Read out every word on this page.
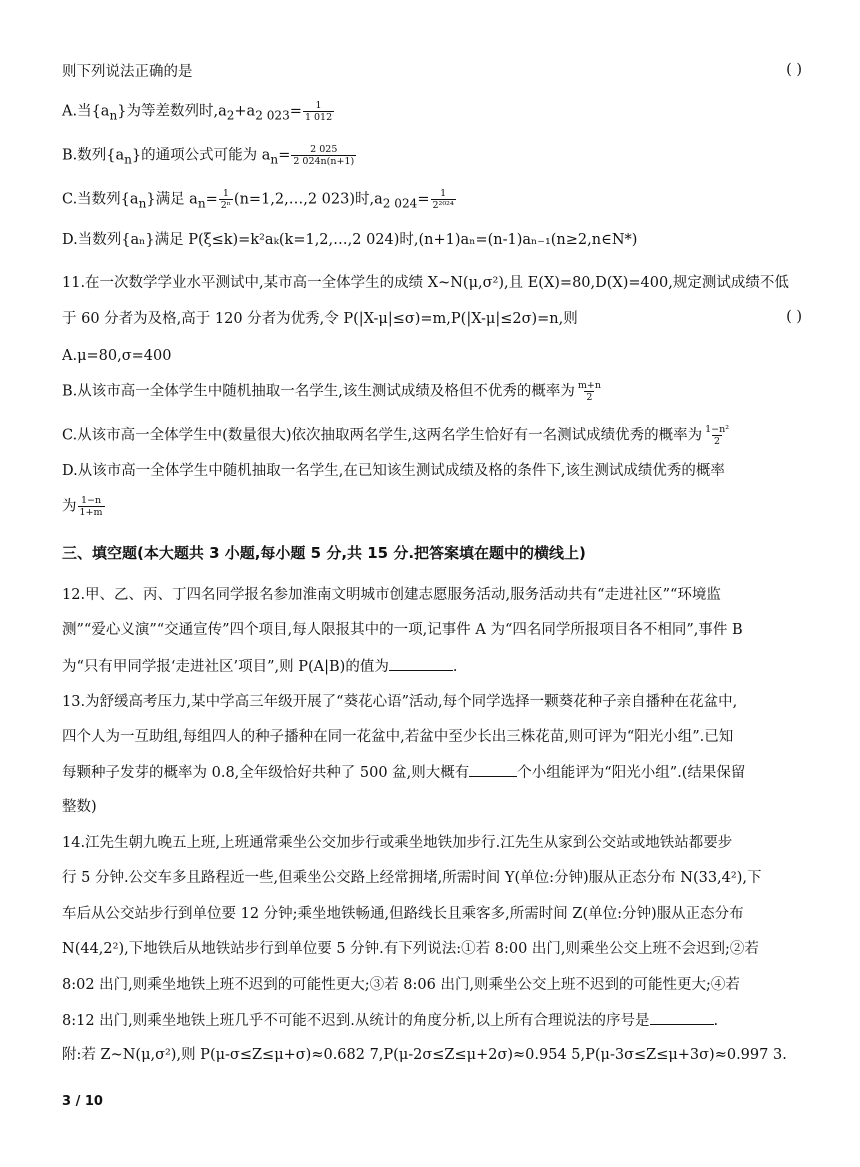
则下列说法正确的是	( )
A.当$\{a_n\}$为等差数列时$,a_2+a_{2 023}= \frac{1}{1 012}$
B.数列$\{a_n\}$的通项公式可能为 $a_n= \frac{2 025}{2 024n(n+1)}$
C.当数列$\{a_n\}$满足 $a_n= \frac{1}{\text{2ⁿ}}$ (n=1,2,…,2 023)时$,a_{2 024}= \frac{1}{\text{2²⁰²⁴}}$
D.当数列{aₙ}满足 P(ξ≤k)=k²aₖ(k=1,2,…,2 024)时,(n+1)aₙ=(n-1)aₙ₋₁(n≥2,n∈N*)
11.在一次数学学业水平测试中,某市高一全体学生的成绩 X~N(μ,σ²),且 E(X)=80,D(X)=400,规定测试成绩不低
于 60 分者为及格,高于 120 分者为优秀,令 P(|X-μ|≤σ)=m,P(|X-μ|≤2σ)=n,则	( )
A.μ=80,σ=400
B.从该市高一全体学生中随机抽取一名学生,该生测试成绩及格但不优秀的概率为 $\frac{m+n}{2}$
C.从该市高一全体学生中(数量很大)依次抽取两名学生,这两名学生恰好有一名测试成绩优秀的概率为 $\frac{\text{1−n²}}{2}$
D.从该市高一全体学生中随机抽取一名学生,在已知该生测试成绩及格的条件下,该生测试成绩优秀的概率
为 $\frac{1-n}{1+m}$
三、填空题(本大题共 3 小题,每小题 5 分,共 15 分.把答案填在题中的横线上)
12.甲、乙、丙、丁四名同学报名参加淮南文明城市创建志愿服务活动,服务活动共有“走进社区”“环境监
测”“爱心义演”“交通宣传”四个项目,每人限报其中的一项,记事件 A 为“四名同学所报项目各不相同”,事件 B
为“只有甲同学报‘走进社区’项目”,则 P(A|B)的值为	.
13.为舒缓高考压力,某中学高三年级开展了“葵花心语”活动,每个同学选择一颗葵花种子亲自播种在花盆中,
四个人为一互助组,每组四人的种子播种在同一花盆中,若盆中至少长出三株花苗,则可评为“阳光小组”.已知
每颗种子发芽的概率为 0.8,全年级恰好共种了 500 盆,则大概有	个小组能评为“阳光小组”.(结果保留
整数)
14.江先生朝九晚五上班,上班通常乘坐公交加步行或乘坐地铁加步行.江先生从家到公交站或地铁站都要步
行 5 分钟.公交车多且路程近一些,但乘坐公交路上经常拥堵,所需时间 Y(单位:分钟)服从正态分布 N(33,4²),下
车后从公交站步行到单位要 12 分钟;乘坐地铁畅通,但路线长且乘客多,所需时间 Z(单位:分钟)服从正态分布
N(44,2²),下地铁后从地铁站步行到单位要 5 分钟.有下列说法:①若 8:00 出门,则乘坐公交上班不会迟到;②若
8:02 出门,则乘坐地铁上班不迟到的可能性更大;③若 8:06 出门,则乘坐公交上班不迟到的可能性更大;④若
8:12 出门,则乘坐地铁上班几乎不可能不迟到.从统计的角度分析,以上所有合理说法的序号是	.
附:若 Z~N(μ,σ²),则 P(μ-σ≤Z≤μ+σ)≈0.682 7,P(μ-2σ≤Z≤μ+2σ)≈0.954 5,P(μ-3σ≤Z≤μ+3σ)≈0.997 3.
3 / 10
